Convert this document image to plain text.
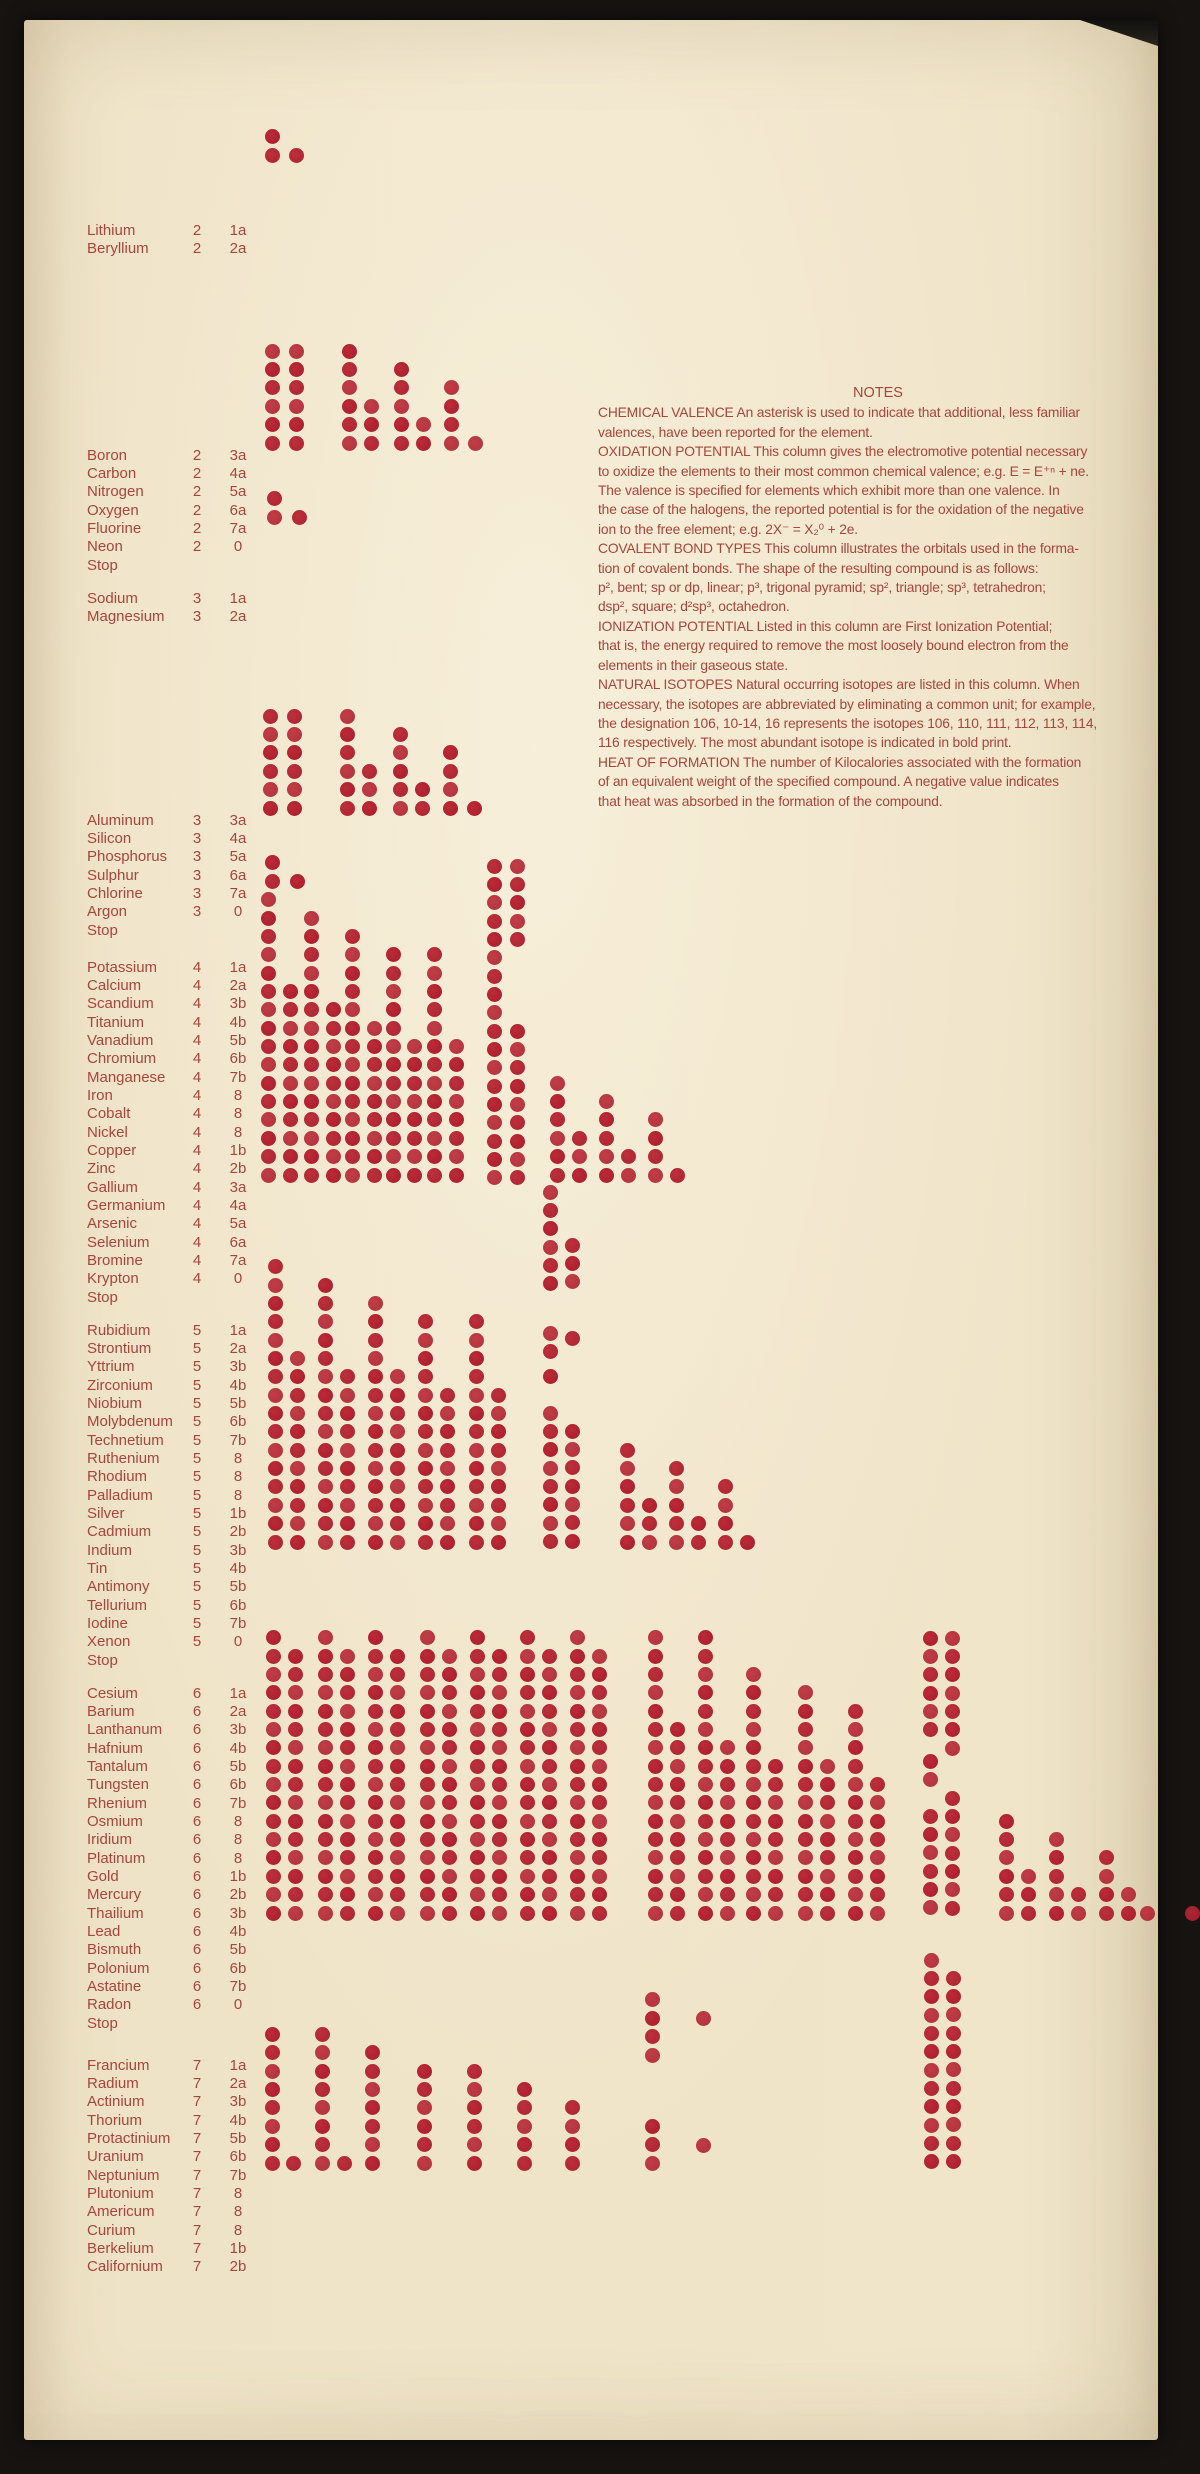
Lithium	2	1a
Beryllium	2	2a
Boron	2	3a
Carbon	2	4a
Nitrogen	2	5a
Oxygen	2	6a
Fluorine	2	7a
Neon	2	0
Stop
Sodium	3	1a
Magnesium	3	2a
Aluminum	3	3a
Silicon	3	4a
Phosphorus	3	5a
Sulphur	3	6a
Chlorine	3	7a
Argon	3	0
Stop
Potassium	4	1a
Calcium	4	2a
Scandium	4	3b
Titanium	4	4b
Vanadium	4	5b
Chromium	4	6b
Manganese	4	7b
Iron	4	8
Cobalt	4	8
Nickel	4	8
Copper	4	1b
Zinc	4	2b
Gallium	4	3a
Germanium	4	4a
Arsenic	4	5a
Selenium	4	6a
Bromine	4	7a
Krypton	4	0
Stop
Rubidium	5	1a
Strontium	5	2a
Yttrium	5	3b
Zirconium	5	4b
Niobium	5	5b
Molybdenum	5	6b
Technetium	5	7b
Ruthenium	5	8
Rhodium	5	8
Palladium	5	8
Silver	5	1b
Cadmium	5	2b
Indium	5	3b
Tin	5	4b
Antimony	5	5b
Tellurium	5	6b
Iodine	5	7b
Xenon	5	0
Stop
Cesium	6	1a
Barium	6	2a
Lanthanum	6	3b
Hafnium	6	4b
Tantalum	6	5b
Tungsten	6	6b
Rhenium	6	7b
Osmium	6	8
Iridium	6	8
Platinum	6	8
Gold	6	1b
Mercury	6	2b
Thailium	6	3b
Lead	6	4b
Bismuth	6	5b
Polonium	6	6b
Astatine	6	7b
Radon	6	0
Stop
Francium	7	1a
Radium	7	2a
Actinium	7	3b
Thorium	7	4b
Protactinium	7	5b
Uranium	7	6b
Neptunium	7	7b
Plutonium	7	8
Americum	7	8
Curium	7	8
Berkelium	7	1b
Californium	7	2b
NOTES
CHEMICAL VALENCE An asterisk is used to indicate that additional, less familiar
valences, have been reported for the element.
OXIDATION POTENTIAL This column gives the electromotive potential necessary
to oxidize the elements to their most common chemical valence; e.g. E = E⁺ⁿ + ne.
The valence is specified for elements which exhibit more than one valence. In
the case of the halogens, the reported potential is for the oxidation of the negative
ion to the free element; e.g. 2X⁻ = X₂⁰ + 2e.
COVALENT BOND TYPES This column illustrates the orbitals used in the forma-
tion of covalent bonds. The shape of the resulting compound is as follows:
p², bent; sp or dp, linear; p³, trigonal pyramid; sp², triangle; sp³, tetrahedron;
dsp², square; d²sp³, octahedron.
IONIZATION POTENTIAL Listed in this column are First Ionization Potential;
that is, the energy required to remove the most loosely bound electron from the
elements in their gaseous state.
NATURAL ISOTOPES Natural occurring isotopes are listed in this column. When
necessary, the isotopes are abbreviated by eliminating a common unit; for example,
the designation 106, 10-14, 16 represents the isotopes 106, 110, 111, 112, 113, 114,
116 respectively. The most abundant isotope is indicated in bold print.
HEAT OF FORMATION The number of Kilocalories associated with the formation
of an equivalent weight of the specified compound. A negative value indicates
that heat was absorbed in the formation of the compound.
